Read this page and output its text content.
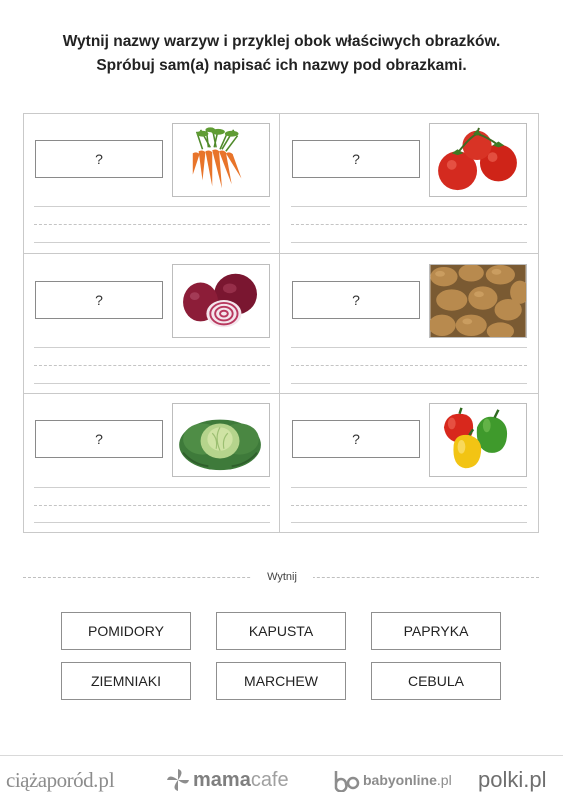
Wytnij nazwy warzyw i przyklej obok właściwych obrazków.
Spróbuj sam(a) napisać ich nazwy pod obrazkami.
?	?
?	?
?	?
Wytnij
POMIDORY	KAPUSTA	PAPRYKA
ZIEMNIAKI	MARCHEW	CEBULA
ciążaporód .pl	mama cafe	babyonline .pl polki.pl
